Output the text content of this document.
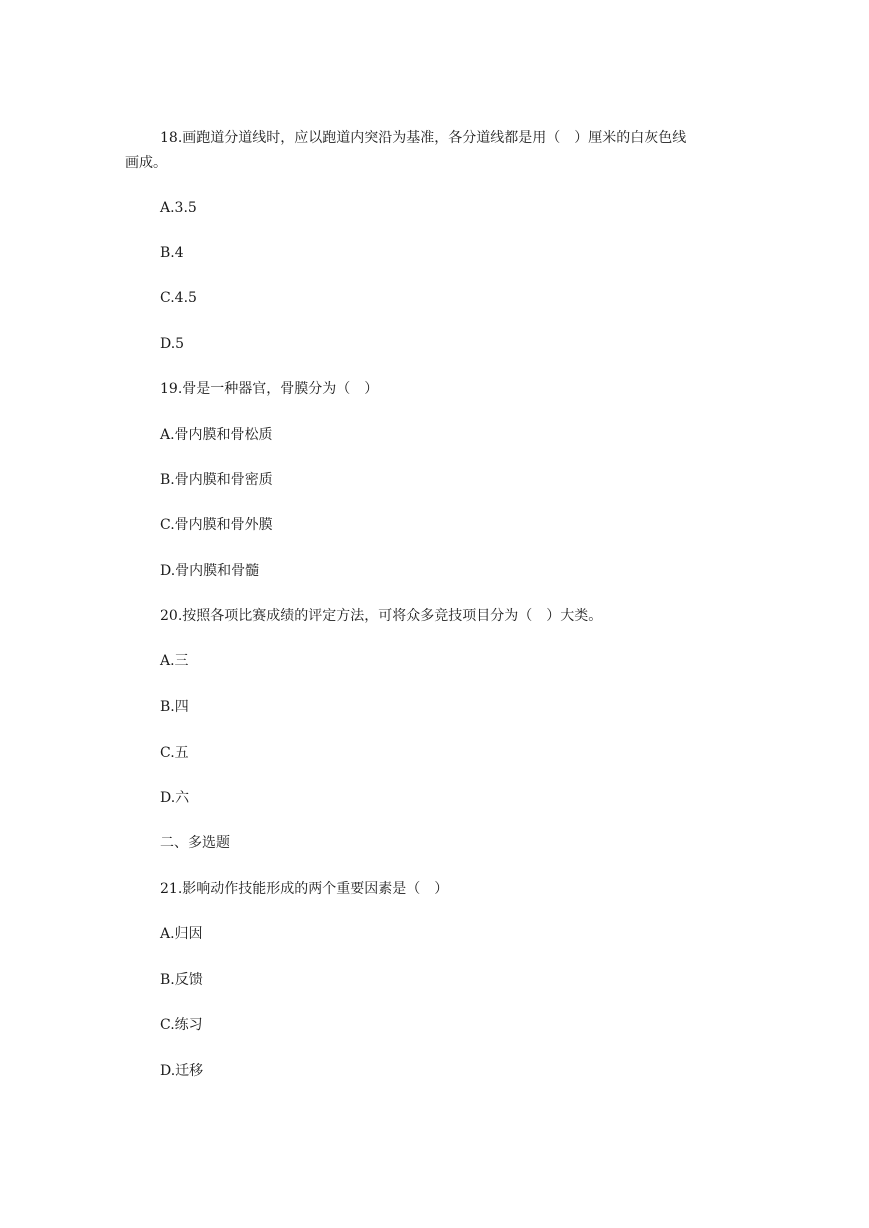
18.画跑道分道线时，应以跑道内突沿为基准，各分道线都是用（　）厘米的白灰色线
画成。
A.3.5
B.4
C.4.5
D.5
19.骨是一种器官，骨膜分为（　）
A.骨内膜和骨松质
B.骨内膜和骨密质
C.骨内膜和骨外膜
D.骨内膜和骨髓
20.按照各项比赛成绩的评定方法，可将众多竞技项目分为（　）大类。
A.三
B.四
C.五
D.六
二、多选题
21.影响动作技能形成的两个重要因素是（　）
A.归因
B.反馈
C.练习
D.迁移
